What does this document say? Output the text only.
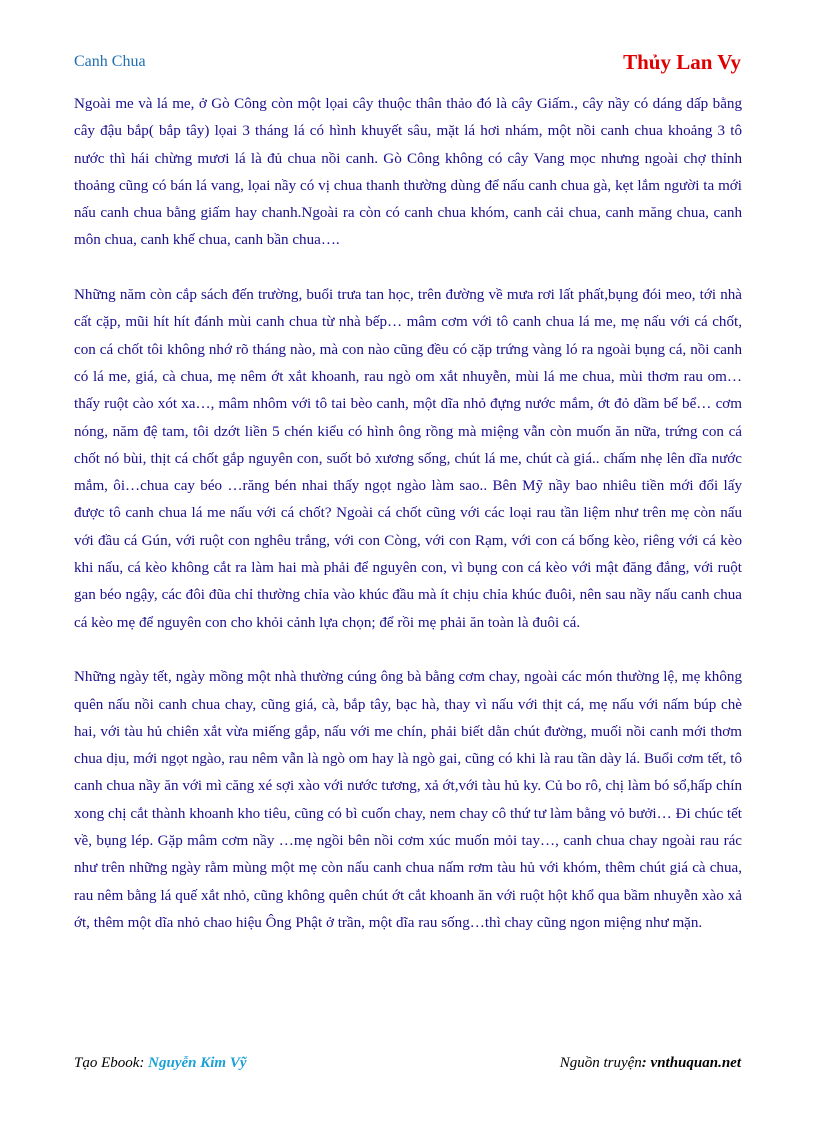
Canh Chua	Thủy Lan Vy

Ngoài me và lá me, ở Gò Công còn một lọai cây thuộc thân thảo đó là cây Giấm., cây nầy có dáng dấp bằng cây đậu bắp( bắp tây) lọai 3 tháng lá có hình khuyết sâu, mặt lá hơi nhám, một nồi canh chua khoảng 3 tô nước thì hái chừng mươi lá là đủ chua nồi canh. Gò Công không có cây Vang mọc nhưng ngoài chợ thỉnh thoảng cũng có bán lá vang, lọai nầy có vị chua thanh thường dùng để nấu canh chua gà, kẹt lắm người ta mới nấu canh chua bằng giấm hay chanh.Ngoài ra còn có canh chua khóm, canh cải chua, canh măng chua, canh môn chua, canh khế chua, canh bần chua….

Những năm còn cắp sách đến trường, buổi trưa tan học, trên đường về mưa rơi lất phất,bụng đói meo, tới nhà cất cặp, mũi hít hít đánh mùi canh chua từ nhà bếp… mâm cơm với tô canh chua lá me, mẹ nấu với cá chốt, con cá chốt tôi không nhớ rõ tháng nào, mà con nào cũng đều có cặp trứng vàng ló ra ngoài bụng cá, nồi canh có lá me, giá, cà chua, mẹ nêm ớt xắt khoanh, rau ngò om xắt nhuyễn, mùi lá me chua, mùi thơm rau om… thấy ruột cào xót xa…, mâm nhôm với tô tai bèo canh, một dĩa nhỏ đựng nước mắm, ớt đỏ dầm bể bể… cơm nóng, năm đệ tam, tôi dzớt liền 5 chén kiểu có hình ông rồng mà miệng vẫn còn muốn ăn nữa, trứng con cá chốt nó bùi, thịt cá chốt gắp nguyên con, suốt bỏ xương sống, chút lá me, chút cà giá.. chấm nhẹ lên dĩa nước mắm, ôi…chua cay béo …răng bén nhai thấy ngọt ngào làm sao.. Bên Mỹ nầy bao nhiêu tiền mới đổi lấy được tô canh chua lá me nấu với cá chốt? Ngoài cá chốt cũng với các loại rau tần liệm như trên mẹ còn nấu với đầu cá Gún, với ruột con nghêu trắng, với con Còng, với con Rạm, với con cá bống kèo, riêng với cá kèo khi nấu, cá kèo không cắt ra làm hai mà phải để nguyên con, vì bụng con cá kèo với mật đăng đắng, với ruột gan béo ngậy, các đôi đũa chỉ thường chỉa vào khúc đầu mà ít chịu chỉa khúc đuôi, nên sau nầy nấu canh chua cá kèo mẹ để nguyên con cho khỏi cảnh lựa chọn; để rồi mẹ phải ăn toàn là đuôi cá.

Những ngày tết, ngày mồng một nhà thường cúng ông bà bằng cơm chay, ngoài các món thường lệ, mẹ không quên nấu nồi canh chua chay, cũng giá, cà, bắp tây, bạc hà, thay vì nấu với thịt cá, mẹ nấu với nấm búp chè hai, với tàu hủ chiên xắt vừa miếng gắp, nấu với me chín, phải biết dằn chút đường, muối nồi canh mới thơm chua dịu, mới ngọt ngào, rau nêm vẫn là ngò om hay là ngò gai, cũng có khi là rau tần dày lá. Buổi cơm tết, tô canh chua nầy ăn với mì căng xé sợi xào với nước tương, xả ớt,với tàu hủ ky. Củ bo rô, chị làm bó sổ,hấp chín xong chị cắt thành khoanh kho tiêu, cũng có bì cuốn chay, nem chay cô thứ tư làm bằng vỏ bưởi… Đi chúc tết về, bụng lép. Gặp mâm cơm nầy …mẹ ngồi bên nồi cơm xúc muốn mỏi tay…, canh chua chay ngoài rau rác như trên những ngày rằm mùng một mẹ còn nấu canh chua nấm rơm tàu hủ với khóm, thêm chút giá cà chua, rau nêm bằng lá quế xắt nhỏ, cũng không quên chút ớt cắt khoanh ăn với ruột hột khổ qua bầm nhuyễn xào xả ớt, thêm một dĩa nhỏ chao hiệu Ông Phật ở trần, một dĩa rau sống…thì chay cũng ngon miệng như mặn.

Tạo Ebook: Nguyễn Kim Vỹ	Nguồn truyện: vnthuquan.net
